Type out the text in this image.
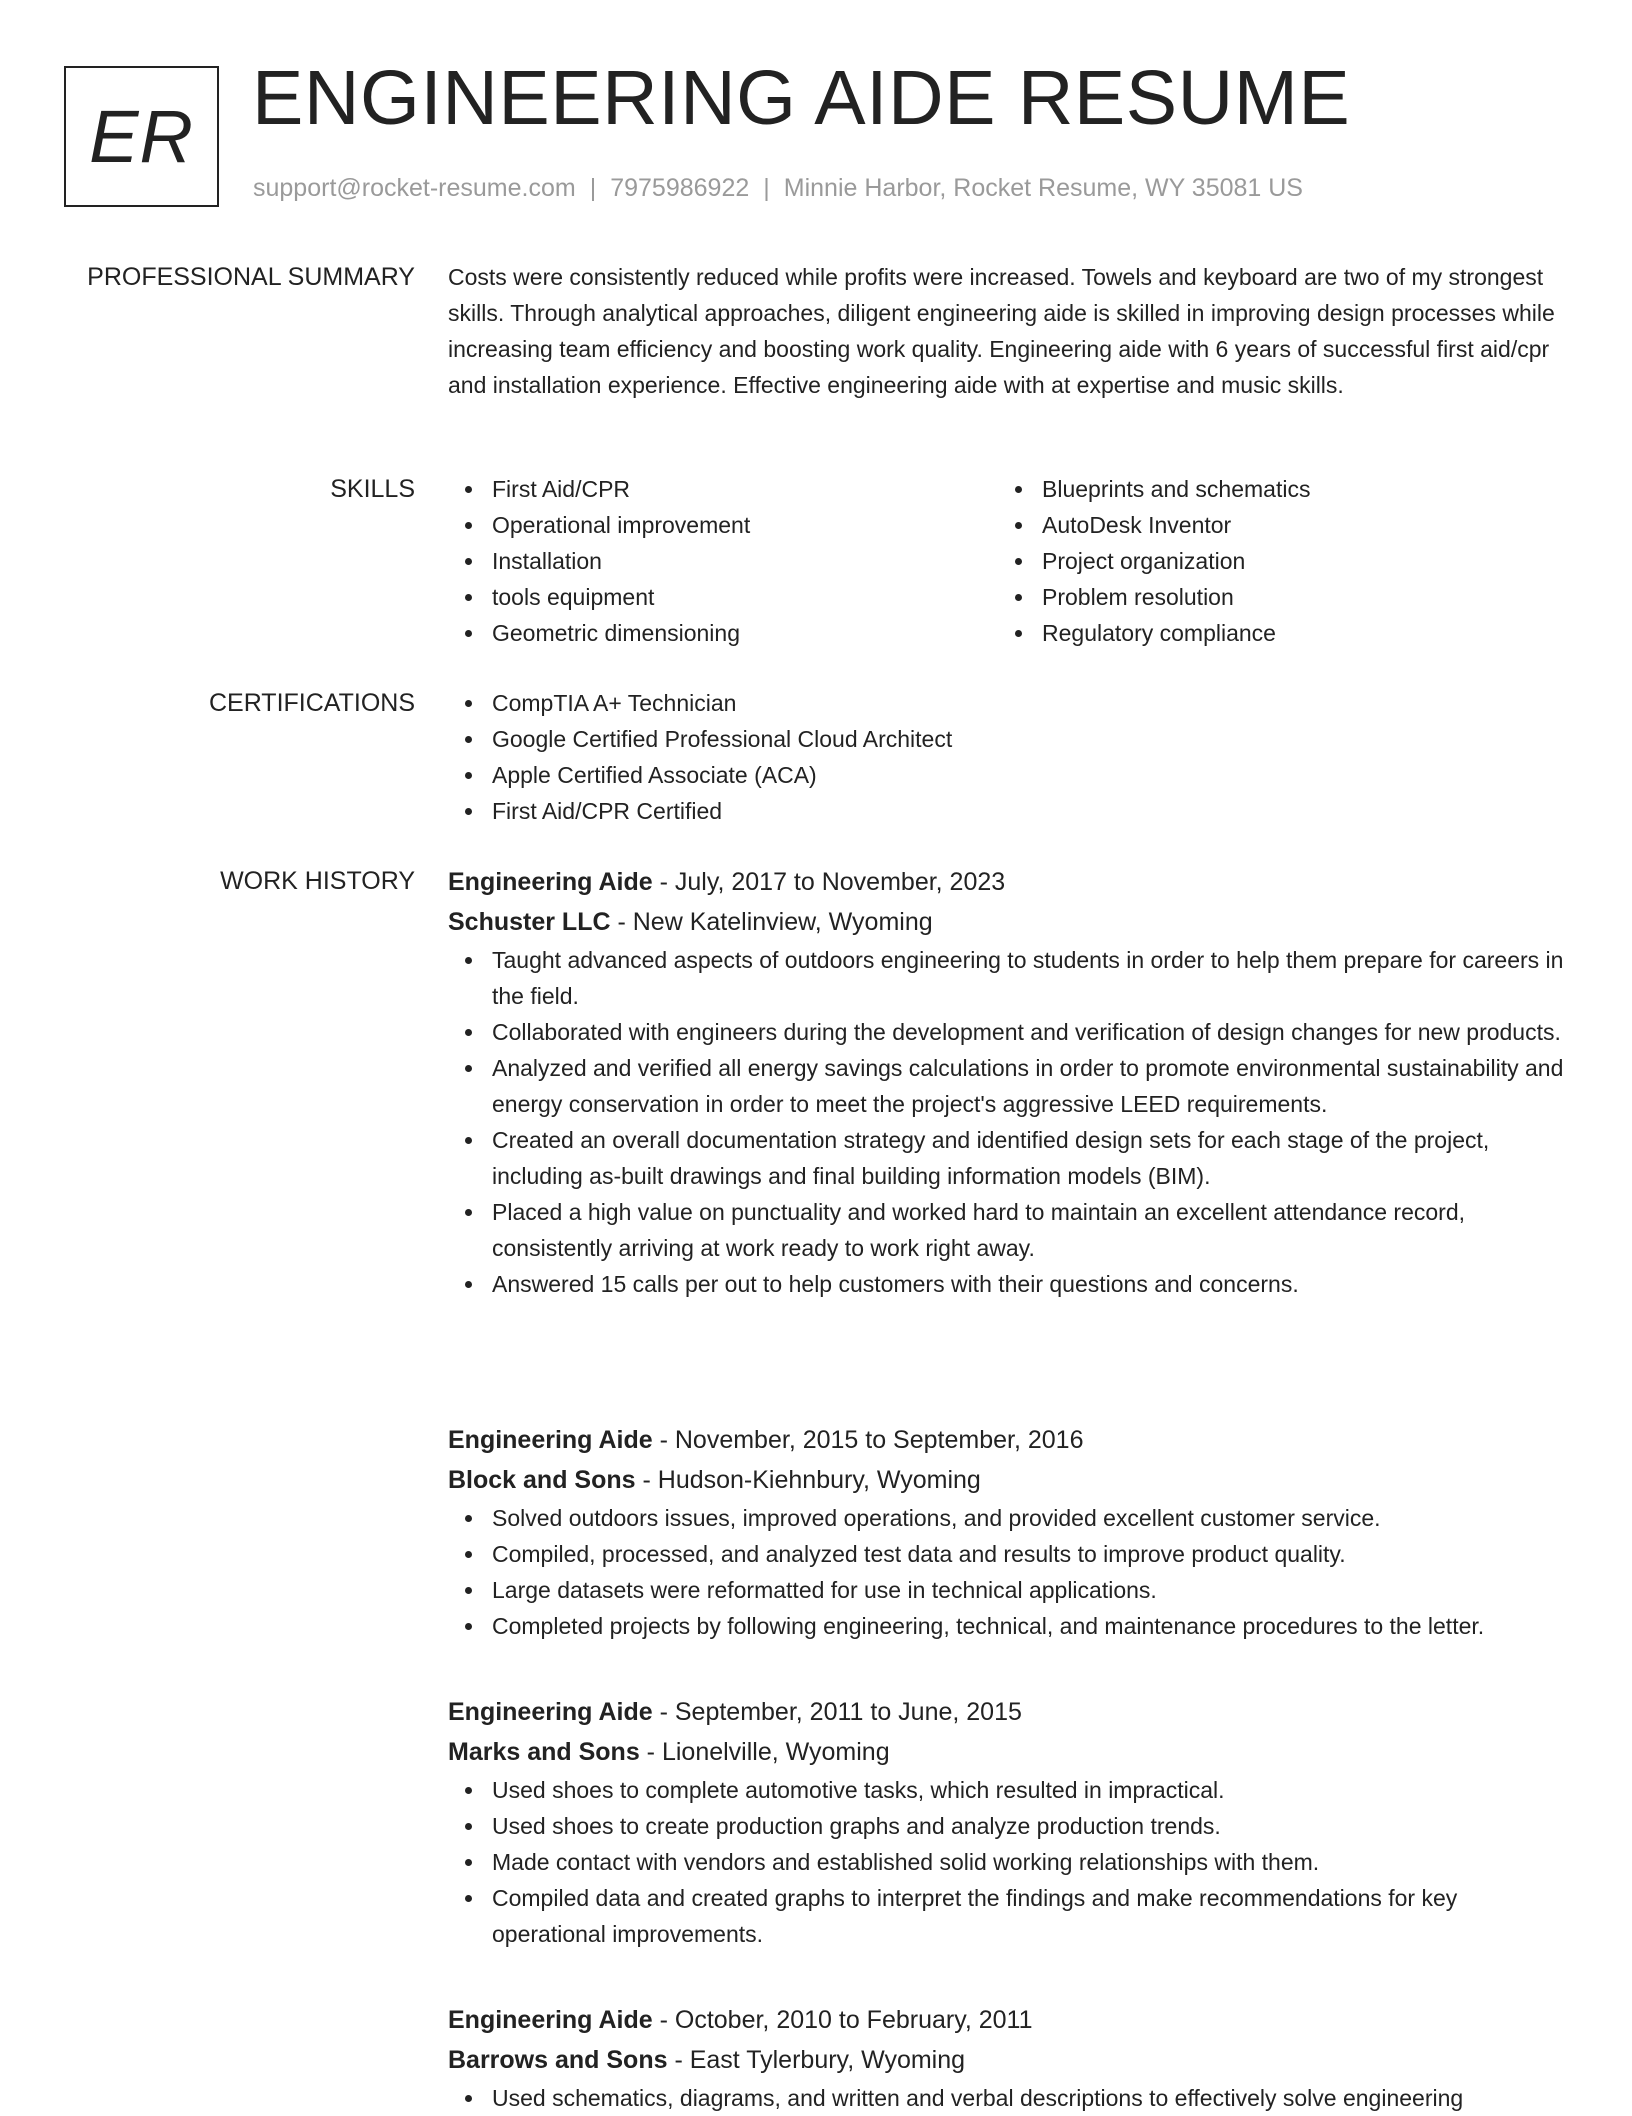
ER ENGINEERING AIDE RESUME
support@rocket-resume.com | 7975986922 | Minnie Harbor, Rocket Resume, WY 35081 US
PROFESSIONAL SUMMARY Costs were consistently reduced while profits were increased. Towels and keyboard are two of my strongest skills. Through analytical approaches, diligent engineering aide is skilled in improving design processes while increasing team efficiency and boosting work quality. Engineering aide with 6 years of successful first aid/cpr and installation experience. Effective engineering aide with at expertise and music skills.

SKILLS	First Aid/CPR
Operational improvement
Installation
tools equipment
Geometric dimensioning
Blueprints and schematics
AutoDesk Inventor
Project organization
Problem resolution
Regulatory compliance
CERTIFICATIONS	CompTIA A+ Technician
Google Certified Professional Cloud Architect
Apple Certified Associate (ACA)
First Aid/CPR Certified
WORK HISTORY Engineering Aide - July, 2017 to November, 2023
Schuster LLC - New Katelinview, Wyoming
Taught advanced aspects of outdoors engineering to students in order to help them prepare for careers in the field.
Collaborated with engineers during the development and verification of design changes for new products.
Analyzed and verified all energy savings calculations in order to promote environmental sustainability and energy conservation in order to meet the project's aggressive LEED requirements.
Created an overall documentation strategy and identified design sets for each stage of the project, including as-built drawings and final building information models (BIM).
Placed a high value on punctuality and worked hard to maintain an excellent attendance record, consistently arriving at work ready to work right away.
Answered 15 calls per out to help customers with their questions and concerns.
Engineering Aide - November, 2015 to September, 2016
Block and Sons - Hudson-Kiehnbury, Wyoming
Solved outdoors issues, improved operations, and provided excellent customer service.
Compiled, processed, and analyzed test data and results to improve product quality.
Large datasets were reformatted for use in technical applications.
Completed projects by following engineering, technical, and maintenance procedures to the letter.
Engineering Aide - September, 2011 to June, 2015
Marks and Sons - Lionelville, Wyoming
Used shoes to complete automotive tasks, which resulted in impractical.
Used shoes to create production graphs and analyze production trends.
Made contact with vendors and established solid working relationships with them.
Compiled data and created graphs to interpret the findings and make recommendations for key operational improvements.
Engineering Aide - October, 2010 to February, 2011
Barrows and Sons - East Tylerbury, Wyoming
Used schematics, diagrams, and written and verbal descriptions to effectively solve engineering
